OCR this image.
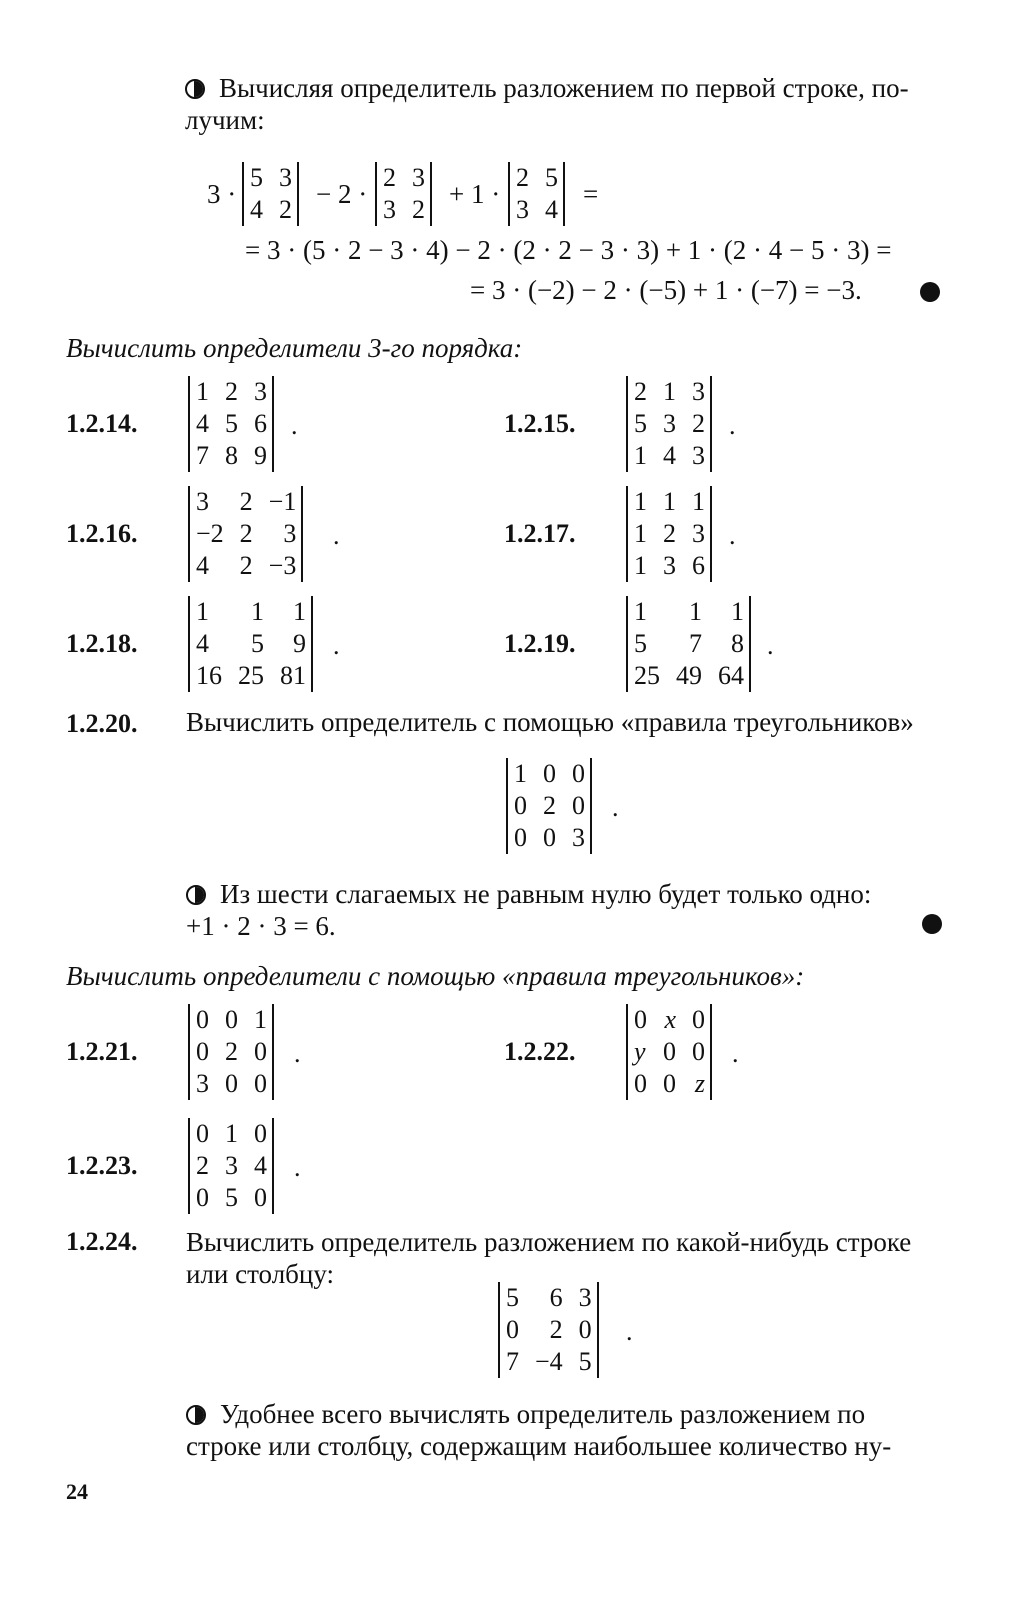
Вычисляя определитель разложением по первой строке, по-
лучим:
3 ·
5	3
4	2
− 2 ·
2	3
3	2
+ 1 ·
2	5
3	4
=
= 3 · (5 · 2 − 3 · 4) − 2 · (2 · 2 − 3 · 3) + 1 · (2 · 4 − 5 · 3) =
= 3 · (−2) − 2 · (−5) + 1 · (−7) = −3.
Вычислить определители 3-го порядка:
1.2.14.
1	2	3
4	5	6
7	8	9
.	1.2.15.
2	1	3
5	3	2
1	4	3
.
1.2.16.
3	2	−1
−2	2	3
4	2	−3
.	1.2.17.
1	1	1
1	2	3
1	3	6
.
1.2.18.
1	1	1
4	5	9
16	25	81
.	1.2.19.
1	1	1
5	7	8
25	49	64
.
1.2.20. Вычислить определитель с помощью «правила треугольников»
1	0	0
0	2	0
0	0	3
.
Из шести слагаемых не равным нулю будет только одно:
+1 · 2 · 3 = 6.
Вычислить определители с помощью «правила треугольников»:
1.2.21.
0	0	1
0	2	0
3	0	0
.	1.2.22.
0	x	0
y	0	0
0	0	z
.
1.2.23.
0	1	0
2	3	4
0	5	0
.
1.2.24. Вычислить определитель разложением по какой-нибудь строке
или столбцу:
5	6	3
0	2	0
7	−4	5
.
Удобнее всего вычислять определитель разложением по
строке или столбцу, содержащим наибольшее количество ну-
24
